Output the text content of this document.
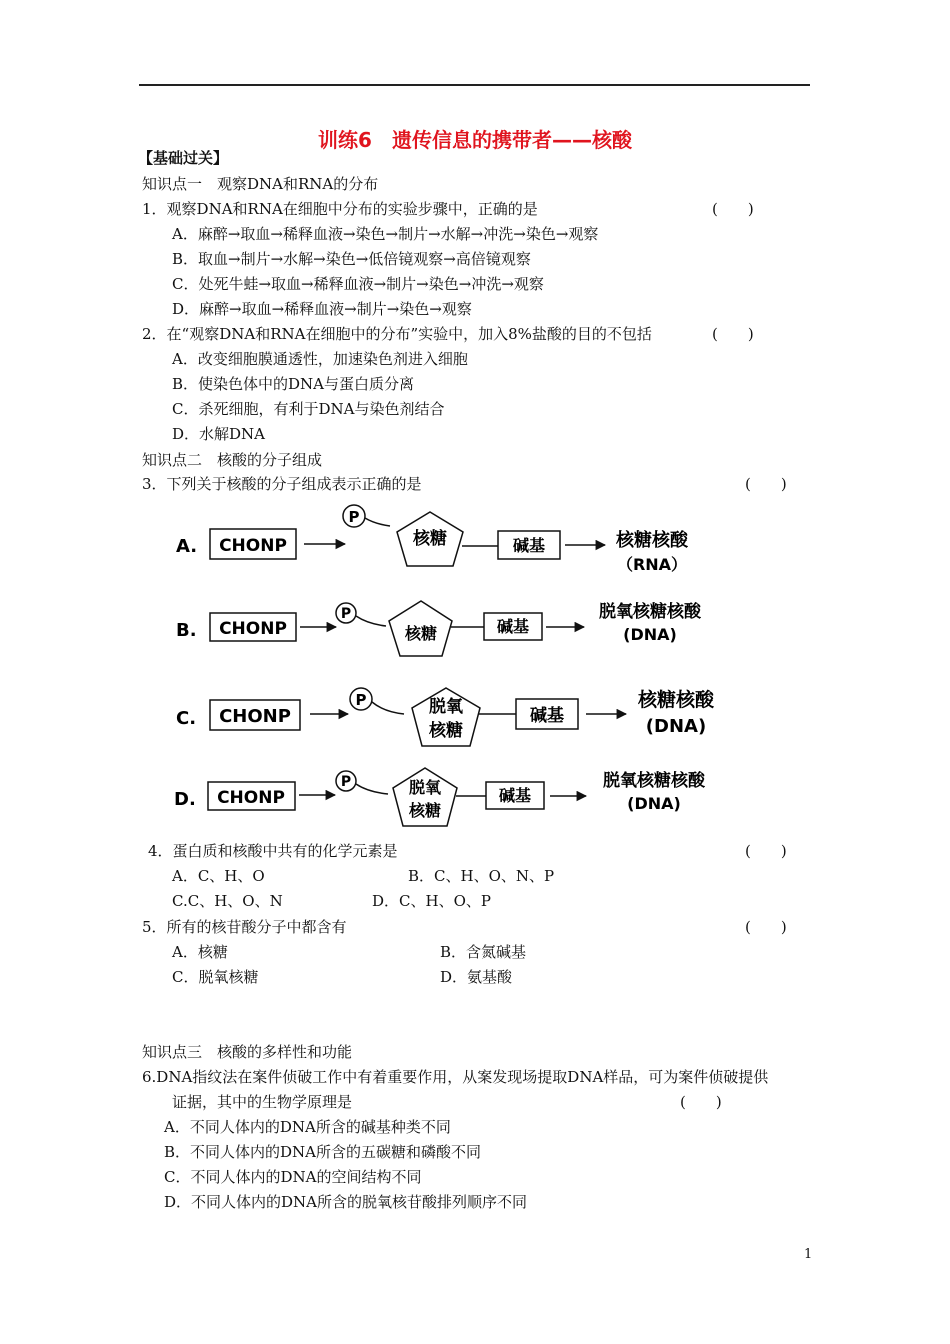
训练6　遗传信息的携带者——核酸
【基础过关】
知识点一　观察DNA和RNA的分布
1．观察DNA和RNA在细胞中分布的实验步骤中，正确的是	(　　)
A．麻醉→取血→稀释血液→染色→制片→水解→冲洗→染色→观察
B．取血→制片→水解→染色→低倍镜观察→高倍镜观察
C．处死牛蛙→取血→稀释血液→制片→染色→冲洗→观察
D．麻醉→取血→稀释血液→制片→染色→观察
2．在“观察DNA和RNA在细胞中的分布”实验中，加入8%盐酸的目的不包括	(　　)
A．改变细胞膜通透性，加速染色剂进入细胞
B．使染色体中的DNA与蛋白质分离
C．杀死细胞，有利于DNA与染色剂结合
D．水解DNA
知识点二　核酸的分子组成
3．下列关于核酸的分子组成表示正确的是	(　　)
A. CHONP
P
核糖	碱基	核糖核酸
（RNA）
B. CHONP
P
核糖	碱基
脱氧核糖核酸
(DNA)
C. CHONP
P	脱氧
核糖
碱基
核糖核酸
(DNA)
D. CHONP
P	脱氧
核糖
碱基
脱氧核糖核酸
(DNA)
4．蛋白质和核酸中共有的化学元素是	(　　)
A．C、H、O	B．C、H、O、N、P
C.C、H、O、N	D．C、H、O、P
5．所有的核苷酸分子中都含有	(　　)
A．核糖	B．含氮碱基
C．脱氧核糖	D．氨基酸
知识点三　核酸的多样性和功能
6.DNA指纹法在案件侦破工作中有着重要作用，从案发现场提取DNA样品，可为案件侦破提供
证据，其中的生物学原理是	(　　)
A．不同人体内的DNA所含的碱基种类不同
B．不同人体内的DNA所含的五碳糖和磷酸不同
C．不同人体内的DNA的空间结构不同
D．不同人体内的DNA所含的脱氧核苷酸排列顺序不同
1
